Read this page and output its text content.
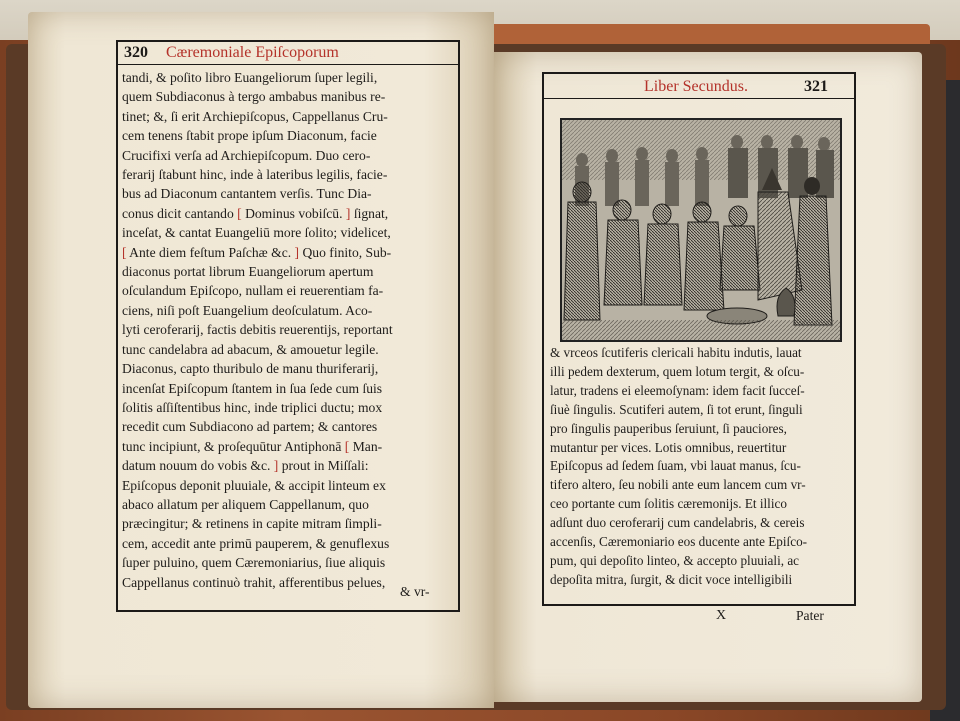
320 Cæremoniale Epiſcoporum
tandi, & poſito libro Euangeliorum ſuper legili,
quem Subdiaconus à tergo ambabus manibus re-
tinet; &, ſi erit Archiepiſcopus, Cappellanus Cru-
cem tenens ſtabit prope ipſum Diaconum, facie
Crucifixi verſa ad Archiepiſcopum. Duo cero-
ferarij ſtabunt hinc, inde à lateribus legilis, facie-
bus ad Diaconum cantantem verſis. Tunc Dia-
conus dicit cantando [ Dominus vobiſcū. ] ſignat,
inceſat, & cantat Euangeliū more ſolito; videlicet,
[ Ante diem feſtum Paſchæ &c. ] Quo finito, Sub-
diaconus portat librum Euangeliorum apertum
oſculandum Epiſcopo, nullam ei reuerentiam fa-
ciens, niſi poſt Euangelium deoſculatum. Aco-
lyti ceroferarij, factis debitis reuerentijs, reportant
tunc candelabra ad abacum, & amouetur legile.
Diaconus, capto thuribulo de manu thuriferarij,
incenſat Epiſcopum ſtantem in ſua ſede cum ſuis
ſolitis aſſiſtentibus hinc, inde triplici ductu; mox
recedit cum Subdiacono ad partem; & cantores
tunc incipiunt, & proſequūtur Antiphonā [ Man-
datum nouum do vobis &c. ] prout in Miſſali:
Epiſcopus deponit pluuiale, & accipit linteum ex
abaco allatum per aliquem Cappellanum, quo
præcingitur; & retinens in capite mitram ſimpli-
cem, accedit ante primū pauperem, & genuflexus
ſuper puluino, quem Cæremoniarius, ſiue aliquis
Cappellanus continuò trahit, afferentibus pelues,
& vr-
Liber Secundus.	321
& vrceos ſcutiferis clericali habitu indutis, lauat
illi pedem dexterum, quem lotum tergit, & oſcu-
latur, tradens ei eleemoſynam: idem facit ſucceſ-
ſiuè ſingulis. Scutiferi autem, ſi tot erunt, ſinguli
pro ſingulis pauperibus ſeruiunt, ſi pauciores,
mutantur per vices. Lotis omnibus, reuertitur
Epiſcopus ad ſedem ſuam, vbi lauat manus, ſcu-
tifero altero, ſeu nobili ante eum lancem cum vr-
ceo portante cum ſolitis cæremonijs. Et illico
adſunt duo ceroferarij cum candelabris, & cereis
accenſis, Cæremoniario eos ducente ante Epiſco-
pum, qui depoſito linteo, & accepto pluuiali, ac
depoſita mitra, ſurgit, & dicit voce intelligibili
X	Pater
